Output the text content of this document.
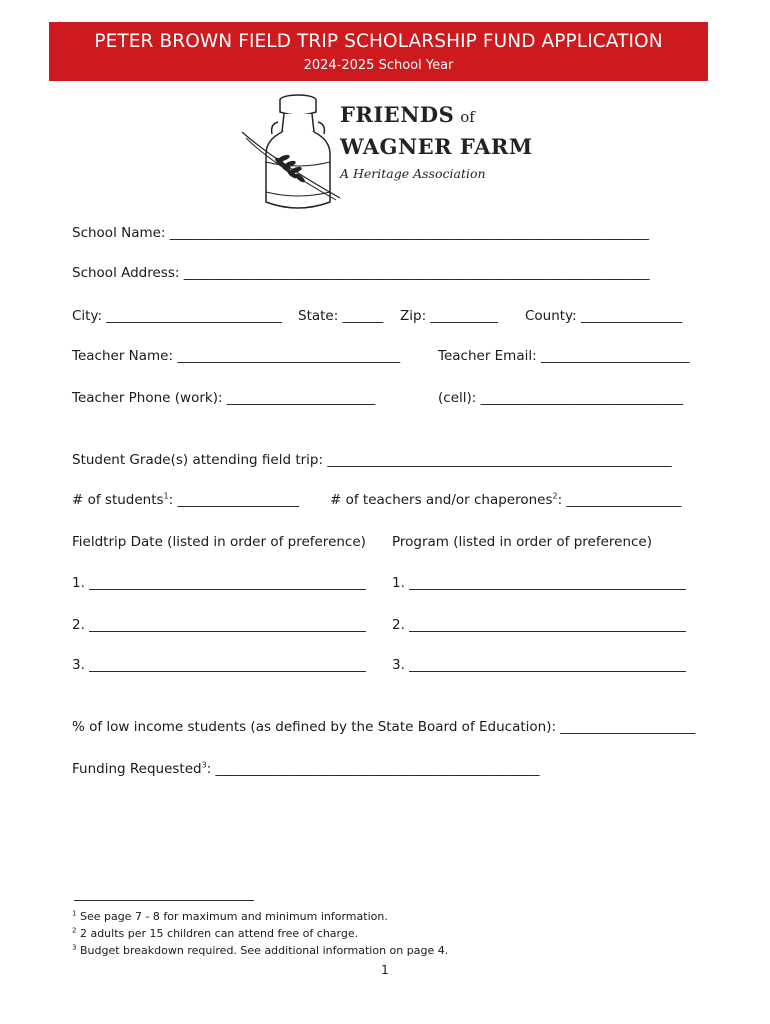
PETER BROWN FIELD TRIP SCHOLARSHIP FUND APPLICATION
2024-2025 School Year
FRIENDS of
WAGNER FARM
A Heritage Association
School Name: _______________________________________________________________________
School Address: _____________________________________________________________________
City: __________________________ State: ______ Zip: __________ County: _______________
Teacher Name: _________________________________	Teacher Email: ______________________
Teacher Phone (work): ______________________	(cell): ______________________________
Student Grade(s) attending field trip: ___________________________________________________
# of students$^1$: __________________ # of teachers and/or chaperones$^2$: _________________
Fieldtrip Date (listed in order of preference) Program (listed in order of preference)
1. _________________________________________ 1. _________________________________________
2. _________________________________________ 2. _________________________________________
3. _________________________________________ 3. _________________________________________
% of low income students (as defined by the State Board of Education): ____________________
Funding Requested$^3$: ________________________________________________
$^1$ See page 7 - 8 for maximum and minimum information.
$^2$ 2 adults per 15 children can attend free of charge.
$^3$ Budget breakdown required. See additional information on page 4.
1
